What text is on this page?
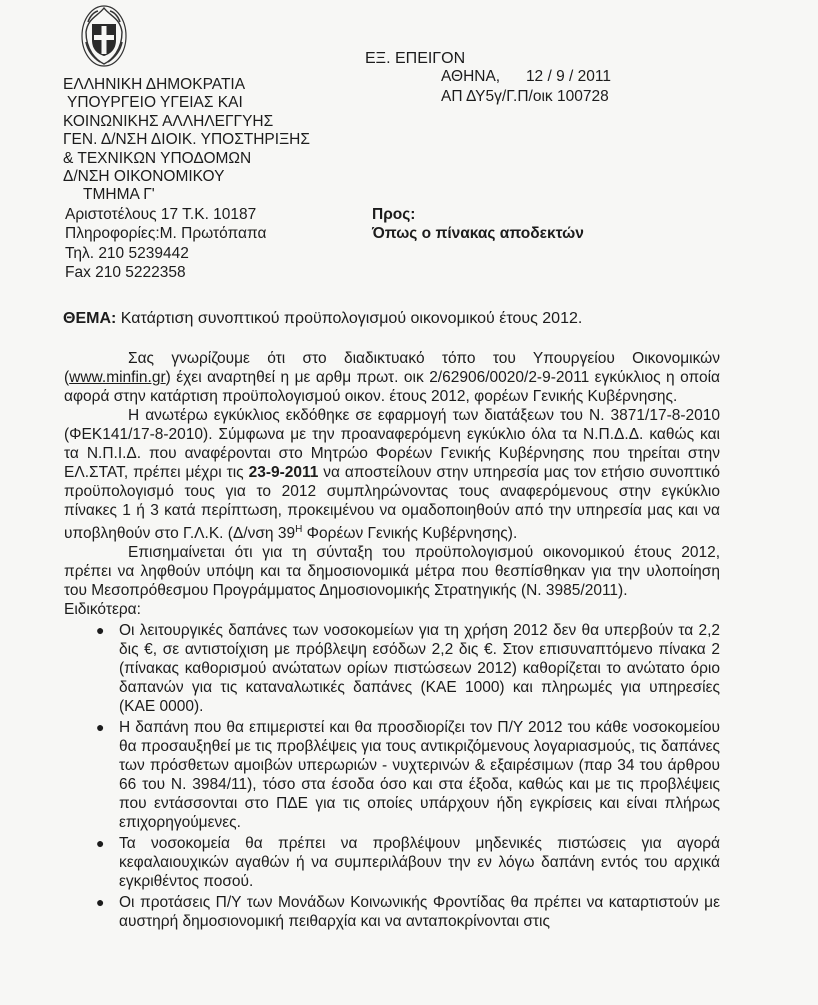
ΕΛΛΗΝΙΚΗ ΔΗΜΟΚΡΑΤΙΑ
ΥΠΟΥΡΓΕΙΟ ΥΓΕΙΑΣ ΚΑΙ
ΚΟΙΝΩΝΙΚΗΣ ΑΛΛΗΛΕΓΓΥΗΣ
ΓΕΝ. Δ/ΝΣΗ ΔΙΟΙΚ. ΥΠΟΣΤΗΡΙΞΗΣ
& ΤΕΧΝΙΚΩΝ ΥΠΟΔΟΜΩΝ
Δ/ΝΣΗ ΟΙΚΟΝΟΜΙΚΟΥ
ΤΜΗΜΑ Γ'
Αριστοτέλους 17 Τ.Κ. 10187
Πληροφορίες:Μ. Πρωτόπαπα
Τηλ. 210 5239442
Fax 210 5222358
ΕΞ. ΕΠΕΙΓΟΝ
ΑΘΗΝΑ,      12 / 9 / 2011
ΑΠ ΔΥ5γ/Γ.Π/οικ 100728
Προς:
Όπως ο πίνακας αποδεκτών
ΘΕΜΑ: Κατάρτιση συνοπτικού προϋπολογισμού οικονομικού έτους 2012.

Σας γνωρίζουμε ότι στο διαδικτυακό τόπο του Υπουργείου Οικονομικών (www.minfin.gr) έχει αναρτηθεί η με αρθμ πρωτ. οικ 2/62906/0020/2-9-2011 εγκύκλιος η οποία αφορά στην κατάρτιση προϋπολογισμού οικον. έτους 2012, φορέων Γενικής Κυβέρνησης.

Η ανωτέρω εγκύκλιος εκδόθηκε σε εφαρμογή των διατάξεων του Ν. 3871/17-8-2010 (ΦΕΚ141/17-8-2010). Σύμφωνα με την προαναφερόμενη εγκύκλιο όλα τα Ν.Π.Δ.Δ. καθώς και τα Ν.Π.Ι.Δ. που αναφέρονται στο Μητρώο Φορέων Γενικής Κυβέρνησης που τηρείται στην ΕΛ.ΣΤΑΤ, πρέπει μέχρι τις 23-9-2011 να αποστείλουν στην υπηρεσία μας τον ετήσιο συνοπτικό προϋπολογισμό τους για το 2012 συμπληρώνοντας τους αναφερόμενους στην εγκύκλιο πίνακες 1 ή 3 κατά περίπτωση, προκειμένου να ομαδοποιηθούν από την υπηρεσία μας και να υποβληθούν στο Γ.Λ.Κ. (Δ/νση $39^H$ Φορέων Γενικής Κυβέρνησης).

Επισημαίνεται ότι για τη σύνταξη του προϋπολογισμού οικονομικού έτους 2012, πρέπει να ληφθούν υπόψη και τα δημοσιονομικά μέτρα που θεσπίσθηκαν για την υλοποίηση του Μεσοπρόθεσμου Προγράμματος Δημοσιονομικής Στρατηγικής (Ν. 3985/2011).

Ειδικότερα:

● Οι λειτουργικές δαπάνες των νοσοκομείων για τη χρήση 2012 δεν θα υπερβούν τα 2,2 δις €, σε αντιστοίχιση με πρόβλεψη εσόδων 2,2 δις €. Στον επισυναπτόμενο πίνακα 2 (πίνακας καθορισμού ανώτατων ορίων πιστώσεων 2012) καθορίζεται το ανώτατο όριο δαπανών για τις καταναλωτικές δαπάνες (ΚΑΕ 1000) και πληρωμές για υπηρεσίες (ΚΑΕ 0000).
● Η δαπάνη που θα επιμεριστεί και θα προσδιορίζει τον Π/Υ 2012 του κάθε νοσοκομείου θα προσαυξηθεί με τις προβλέψεις για τους αντικριζόμενους λογαριασμούς, τις δαπάνες των πρόσθετων αμοιβών υπερωριών - νυχτερινών & εξαιρέσιμων (παρ 34 του άρθρου 66 του Ν. 3984/11), τόσο στα έσοδα όσο και στα έξοδα, καθώς και με τις προβλέψεις που εντάσσονται στο ΠΔΕ για τις οποίες υπάρχουν ήδη εγκρίσεις και είναι πλήρως επιχορηγούμενες.
● Τα νοσοκομεία θα πρέπει να προβλέψουν μηδενικές πιστώσεις για αγορά κεφαλαιουχικών αγαθών ή να συμπεριλάβουν την εν λόγω δαπάνη εντός του αρχικά εγκριθέντος ποσού.
● Οι προτάσεις Π/Υ των Μονάδων Κοινωνικής Φροντίδας θα πρέπει να καταρτιστούν με αυστηρή δημοσιονομική πειθαρχία και να ανταποκρίνονται στις
